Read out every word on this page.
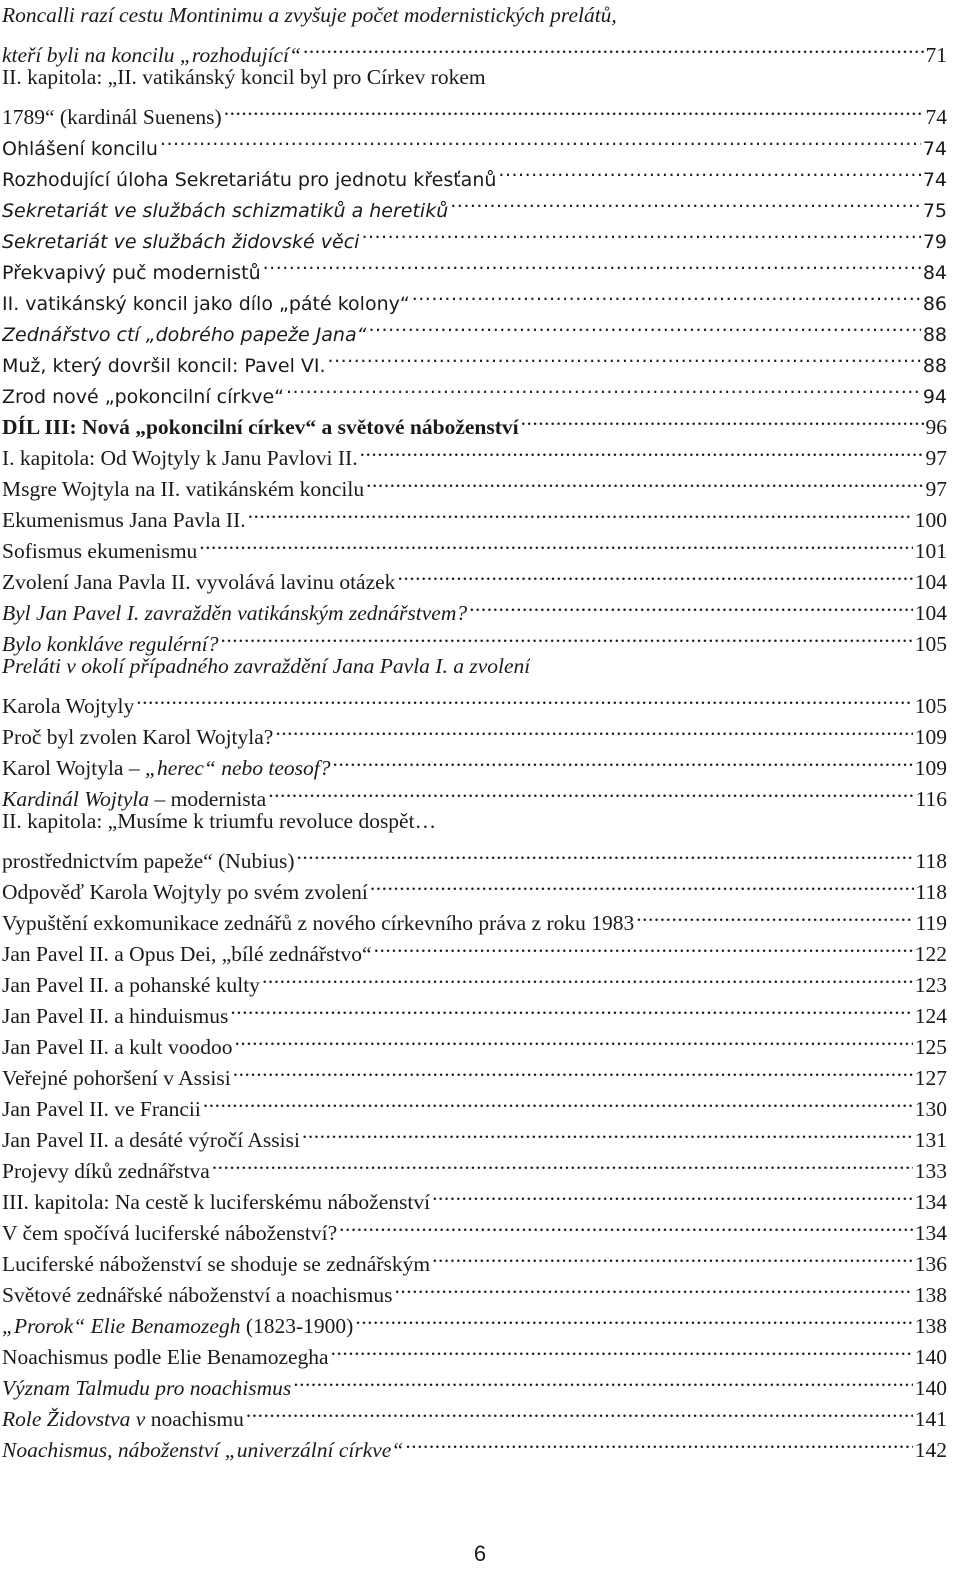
Roncalli razí cestu Montinimu a zvyšuje počet modernistických prelátů,
kteří byli na koncilu „rozhodující“ .....	71
II. kapitola: „II. vatikánský koncil byl pro Církev rokem
1789“ (kardinál Suenens) .....	74
Ohlášení koncilu .....	74
Rozhodující úloha Sekretariátu pro jednotu křesťanů .....	74
Sekretariát ve službách schizmatiků a heretiků .....	75
Sekretariát ve službách židovské věci .....	79
Překvapivý puč modernistů .....	84
II. vatikánský koncil jako dílo „páté kolony“ .....	86
Zednářstvo ctí „dobrého papeže Jana“ .....	88
Muž, který dovršil koncil: Pavel VI. .....	88
Zrod nové „pokoncilní církve“ .....	94
DÍL III: Nová „pokoncilní církev“ a světové náboženství .....	96
I. kapitola: Od Wojtyly k Janu Pavlovi II. .....	97
Msgre Wojtyla na II. vatikánském koncilu .....	97
Ekumenismus Jana Pavla II. .....	100
Sofismus ekumenismu .....	101
Zvolení Jana Pavla II. vyvolává lavinu otázek .....	104
Byl Jan Pavel I. zavražděn vatikánským zednářstvem? .....	104
Bylo konkláve regulérní? .....	105
Preláti v okolí případného zavraždění Jana Pavla I. a zvolení
Karola Wojtyly .....	105
Proč byl zvolen Karol Wojtyla? .....	109
Karol Wojtyla – „herec“ nebo teosof? .....	109
Kardinál Wojtyla – modernista .....	116
II. kapitola: „Musíme k triumfu revoluce dospět…
prostřednictvím papeže“ (Nubius) .....	118
Odpověď Karola Wojtyly po svém zvolení .....	118
Vypuštění exkomunikace zednářů z nového církevního práva z roku 1983 .....	119
Jan Pavel II. a Opus Dei, „bílé zednářstvo“ .....	122
Jan Pavel II. a pohanské kulty .....	123
Jan Pavel II. a hinduismus .....	124
Jan Pavel II. a kult voodoo .....	125
Veřejné pohoršení v Assisi .....	127
Jan Pavel II. ve Francii .....	130
Jan Pavel II. a desáté výročí Assisi .....	131
Projevy díků zednářstva .....	133
III. kapitola: Na cestě k luciferskému náboženství .....	134
V čem spočívá luciferské náboženství? .....	134
Luciferské náboženství se shoduje se zednářským .....	136
Světové zednářské náboženství a noachismus .....	138
„Prorok“ Elie Benamozegh (1823-1900) .....	138
Noachismus podle Elie Benamozegha .....	140
Význam Talmudu pro noachismus .....	140
Role Židovstva v noachismu .....	141
Noachismus, náboženství „univerzální církve“ .....	142
6
